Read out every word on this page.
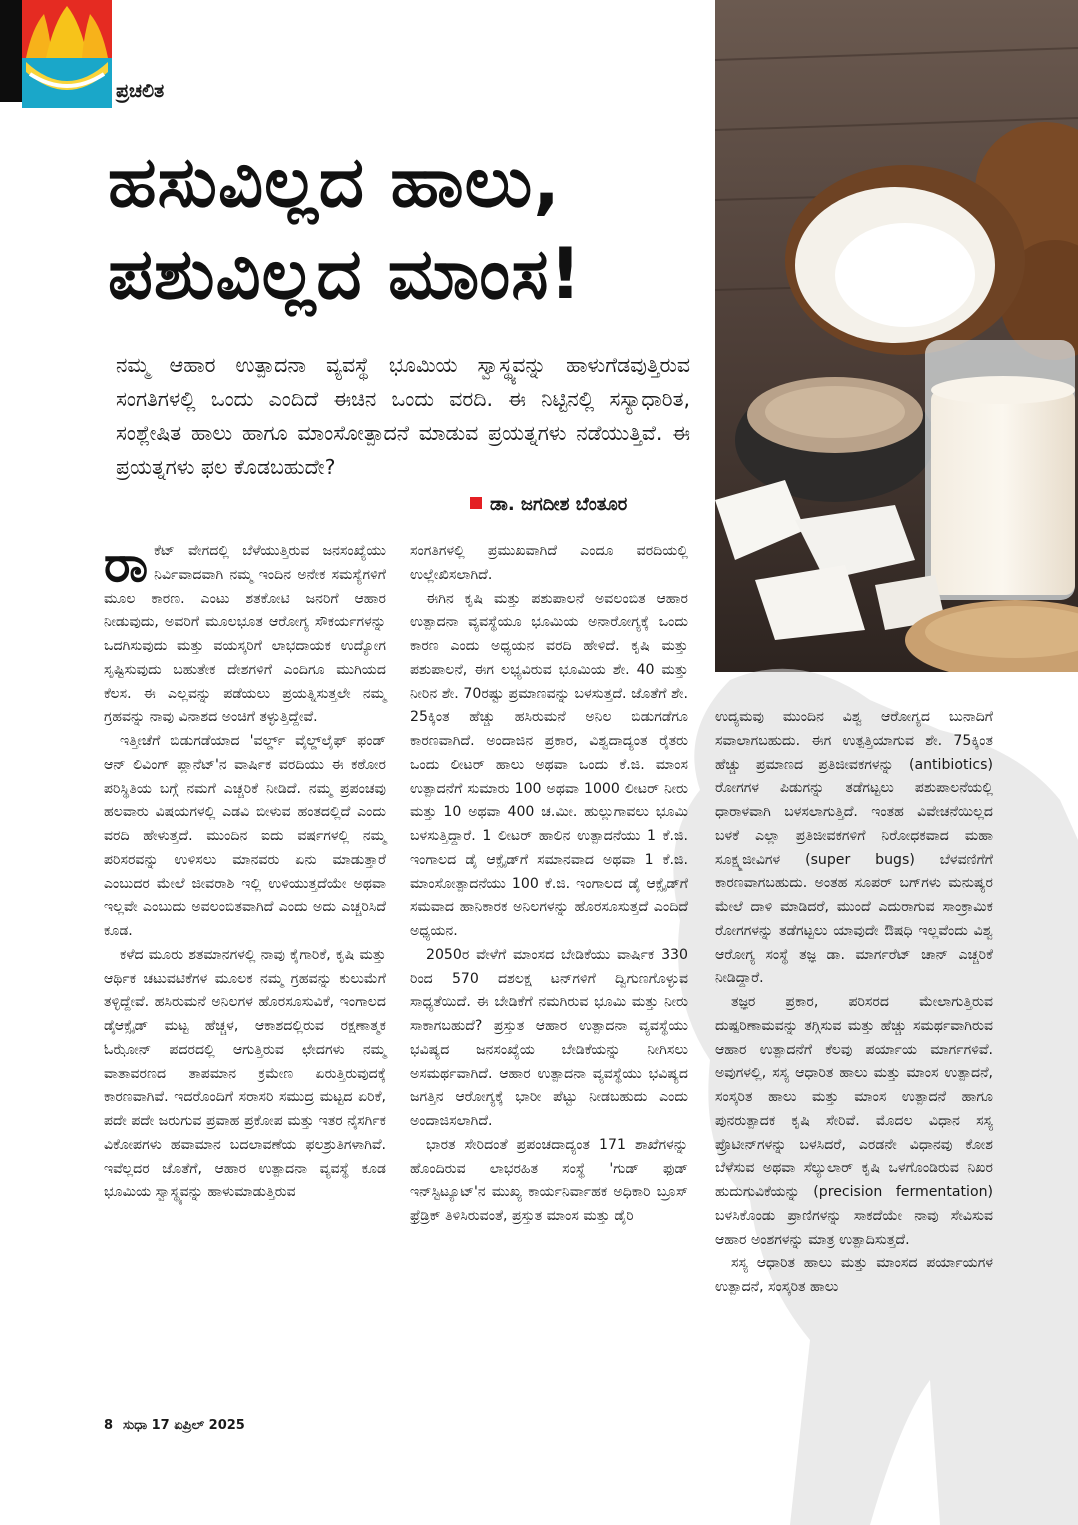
ಪ್ರಚಲಿತ
ಹಸುವಿಲ್ಲದ ಹಾಲು,
ಪಶುವಿಲ್ಲದ ಮಾಂಸ!

ನಮ್ಮ ಆಹಾರ ಉತ್ಪಾದನಾ ವ್ಯವಸ್ಥೆ ಭೂಮಿಯ ಸ್ವಾಸ್ಥ್ಯವನ್ನು ಹಾಳುಗೆಡವುತ್ತಿರುವ ಸಂಗತಿಗಳಲ್ಲಿ ಒಂದು ಎಂದಿದೆ ಈಚಿನ ಒಂದು ವರದಿ. ಈ ನಿಟ್ಟಿನಲ್ಲಿ ಸಸ್ಯಾಧಾರಿತ, ಸಂಶ್ಲೇಷಿತ ಹಾಲು ಹಾಗೂ ಮಾಂಸೋತ್ಪಾದನೆ ಮಾಡುವ ಪ್ರಯತ್ನಗಳು ನಡೆಯುತ್ತಿವೆ. ಈ ಪ್ರಯತ್ನಗಳು ಫಲ ಕೊಡಬಹುದೇ?

ಡಾ. ಜಗದೀಶ ಬೆಂತೂರ
ರಾ ಕೆಟ್ ವೇಗದಲ್ಲಿ ಬೆಳೆಯುತ್ತಿರುವ ಜನಸಂಖ್ಯೆಯು ನಿರ್ವಿವಾದವಾಗಿ ನಮ್ಮ ಇಂದಿನ ಅನೇಕ ಸಮಸ್ಯೆಗಳಿಗೆ ಮೂಲ ಕಾರಣ. ಎಂಟು ಶತಕೋಟಿ ಜನರಿಗೆ ಆಹಾರ ನೀಡುವುದು, ಅವರಿಗೆ ಮೂಲಭೂತ ಆರೋಗ್ಯ ಸೌಕರ್ಯಗಳನ್ನು ಒದಗಿಸುವುದು ಮತ್ತು ವಯಸ್ಕರಿಗೆ ಲಾಭದಾಯಕ ಉದ್ಯೋಗ ಸೃಷ್ಟಿಸುವುದು ಬಹುತೇಕ ದೇಶಗಳಿಗೆ ಎಂದಿಗೂ ಮುಗಿಯದ ಕೆಲಸ. ಈ ಎಲ್ಲವನ್ನು ಪಡೆಯಲು ಪ್ರಯತ್ನಿಸುತ್ತಲೇ ನಮ್ಮ ಗ್ರಹವನ್ನು ನಾವು ವಿನಾಶದ ಅಂಚಿಗೆ ತಳ್ಳುತ್ತಿದ್ದೇವೆ.

ಇತ್ತೀಚೆಗೆ ಬಿಡುಗಡೆಯಾದ 'ವರ್ಲ್ಡ್ ವೈಲ್ಡ್‌ಲೈಫ್ ಫಂಡ್ ಆನ್ ಲಿವಿಂಗ್ ಪ್ಲಾನೆಟ್'ನ ವಾರ್ಷಿಕ ವರದಿಯು ಈ ಕಠೋರ ಪರಿಸ್ಥಿತಿಯ ಬಗ್ಗೆ ನಮಗೆ ಎಚ್ಚರಿಕೆ ನೀಡಿದೆ. ನಮ್ಮ ಪ್ರಪಂಚವು ಹಲವಾರು ವಿಷಯಗಳಲ್ಲಿ ಎಡವಿ ಬೀಳುವ ಹಂತದಲ್ಲಿದೆ ಎಂದು ವರದಿ ಹೇಳುತ್ತದೆ. ಮುಂದಿನ ಐದು ವರ್ಷಗಳಲ್ಲಿ ನಮ್ಮ ಪರಿಸರವನ್ನು ಉಳಿಸಲು ಮಾನವರು ಏನು ಮಾಡುತ್ತಾರೆ ಎಂಬುದರ ಮೇಲೆ ಜೀವರಾಶಿ ಇಲ್ಲಿ ಉಳಿಯುತ್ತದೆಯೇ ಅಥವಾ ಇಲ್ಲವೇ ಎಂಬುದು ಅವಲಂಬಿತವಾಗಿದೆ ಎಂದು ಅದು ಎಚ್ಚರಿಸಿದೆ ಕೂಡ.

ಕಳೆದ ಮೂರು ಶತಮಾನಗಳಲ್ಲಿ ನಾವು ಕೈಗಾರಿಕೆ, ಕೃಷಿ ಮತ್ತು ಆರ್ಥಿಕ ಚಟುವಟಿಕೆಗಳ ಮೂಲಕ ನಮ್ಮ ಗ್ರಹವನ್ನು ಕುಲುಮೆಗೆ ತಳ್ಳಿದ್ದೇವೆ. ಹಸಿರುಮನೆ ಅನಿಲಗಳ ಹೊರಸೂಸುವಿಕೆ, ಇಂಗಾಲದ ಡೈಆಕ್ಸೈಡ್ ಮಟ್ಟ ಹೆಚ್ಚಳ, ಆಕಾಶದಲ್ಲಿರುವ ರಕ್ಷಣಾತ್ಮಕ ಓಝೋನ್ ಪದರದಲ್ಲಿ ಆಗುತ್ತಿರುವ ಛೇದಗಳು ನಮ್ಮ ವಾತಾವರಣದ ತಾಪಮಾನ ಕ್ರಮೇಣ ಏರುತ್ತಿರುವುದಕ್ಕೆ ಕಾರಣವಾಗಿವೆ. ಇದರೊಂದಿಗೆ ಸರಾಸರಿ ಸಮುದ್ರ ಮಟ್ಟದ ಏರಿಕೆ, ಪದೇ ಪದೇ ಜರುಗುವ ಪ್ರವಾಹ ಪ್ರಕೋಪ ಮತ್ತು ಇತರ ನೈಸರ್ಗಿಕ ವಿಕೋಪಗಳು ಹವಾಮಾನ ಬದಲಾವಣೆಯ ಫಲಶ್ರುತಿಗಳಾಗಿವೆ. ಇವೆಲ್ಲದರ ಜೊತೆಗೆ, ಆಹಾರ ಉತ್ಪಾದನಾ ವ್ಯವಸ್ಥೆ ಕೂಡ ಭೂಮಿಯ ಸ್ವಾಸ್ಥ್ಯವನ್ನು ಹಾಳುಮಾಡುತ್ತಿರುವ

ಸಂಗತಿಗಳಲ್ಲಿ ಪ್ರಮುಖವಾಗಿದೆ ಎಂದೂ ವರದಿಯಲ್ಲಿ ಉಲ್ಲೇಖಿಸಲಾಗಿದೆ.

ಈಗಿನ ಕೃಷಿ ಮತ್ತು ಪಶುಪಾಲನೆ ಅವಲಂಬಿತ ಆಹಾರ ಉತ್ಪಾದನಾ ವ್ಯವಸ್ಥೆಯೂ ಭೂಮಿಯ ಅನಾರೋಗ್ಯಕ್ಕೆ ಒಂದು ಕಾರಣ ಎಂದು ಅಧ್ಯಯನ ವರದಿ ಹೇಳಿದೆ. ಕೃಷಿ ಮತ್ತು ಪಶುಪಾಲನೆ, ಈಗ ಲಭ್ಯವಿರುವ ಭೂಮಿಯ ಶೇ. 40 ಮತ್ತು ನೀರಿನ ಶೇ. 70ರಷ್ಟು ಪ್ರಮಾಣವನ್ನು ಬಳಸುತ್ತದೆ. ಜೊತೆಗೆ ಶೇ. 25ಕ್ಕಿಂತ ಹೆಚ್ಚು ಹಸಿರುಮನೆ ಅನಿಲ ಬಿಡುಗಡೆಗೂ ಕಾರಣವಾಗಿದೆ. ಅಂದಾಜಿನ ಪ್ರಕಾರ, ವಿಶ್ವದಾದ್ಯಂತ ರೈತರು ಒಂದು ಲೀಟರ್ ಹಾಲು ಅಥವಾ ಒಂದು ಕೆ.ಜಿ. ಮಾಂಸ ಉತ್ಪಾದನೆಗೆ ಸುಮಾರು 100 ಅಥವಾ 1000 ಲೀಟರ್ ನೀರು ಮತ್ತು 10 ಅಥವಾ 400 ಚ.ಮೀ. ಹುಲ್ಲುಗಾವಲು ಭೂಮಿ ಬಳಸುತ್ತಿದ್ದಾರೆ. 1 ಲೀಟರ್ ಹಾಲಿನ ಉತ್ಪಾದನೆಯು 1 ಕೆ.ಜಿ. ಇಂಗಾಲದ ಡೈ ಆಕ್ಸೈಡ್‌ಗೆ ಸಮಾನವಾದ ಅಥವಾ 1 ಕೆ.ಜಿ. ಮಾಂಸೋತ್ಪಾದನೆಯು 100 ಕೆ.ಜಿ. ಇಂಗಾಲದ ಡೈ ಆಕ್ಸೈಡ್‌ಗೆ ಸಮವಾದ ಹಾನಿಕಾರಕ ಅನಿಲಗಳನ್ನು ಹೊರಸೂಸುತ್ತದೆ ಎಂದಿದೆ ಅಧ್ಯಯನ.

2050ರ ವೇಳೆಗೆ ಮಾಂಸದ ಬೇಡಿಕೆಯು ವಾರ್ಷಿಕ 330 ರಿಂದ 570 ದಶಲಕ್ಷ ಟನ್‌ಗಳಿಗೆ ದ್ವಿಗುಣಗೊಳ್ಳುವ ಸಾಧ್ಯತೆಯಿದೆ. ಈ ಬೇಡಿಕೆಗೆ ನಮಗಿರುವ ಭೂಮಿ ಮತ್ತು ನೀರು ಸಾಕಾಗಬಹುದೆ? ಪ್ರಸ್ತುತ ಆಹಾರ ಉತ್ಪಾದನಾ ವ್ಯವಸ್ಥೆಯು ಭವಿಷ್ಯದ ಜನಸಂಖ್ಯೆಯ ಬೇಡಿಕೆಯನ್ನು ನೀಗಿಸಲು ಅಸಮರ್ಥವಾಗಿದೆ. ಆಹಾರ ಉತ್ಪಾದನಾ ವ್ಯವಸ್ಥೆಯು ಭವಿಷ್ಯದ ಜಗತ್ತಿನ ಆರೋಗ್ಯಕ್ಕೆ ಭಾರೀ ಪೆಟ್ಟು ನೀಡಬಹುದು ಎಂದು ಅಂದಾಜಿಸಲಾಗಿದೆ.

ಭಾರತ ಸೇರಿದಂತೆ ಪ್ರಪಂಚದಾದ್ಯಂತ 171 ಶಾಖೆಗಳನ್ನು ಹೊಂದಿರುವ ಲಾಭರಹಿತ ಸಂಸ್ಥೆ 'ಗುಡ್ ಫುಡ್ ಇನ್‌ಸ್ಟಿಟ್ಯೂಟ್'ನ ಮುಖ್ಯ ಕಾರ್ಯನಿರ್ವಾಹಕ ಅಧಿಕಾರಿ ಬ್ರೂಸ್ ಫ್ರೆಡ್ರಿಕ್ ತಿಳಿಸಿರುವಂತೆ, ಪ್ರಸ್ತುತ ಮಾಂಸ ಮತ್ತು ಡೈರಿ

ಉದ್ಯಮವು ಮುಂದಿನ ವಿಶ್ವ ಆರೋಗ್ಯದ ಬುನಾದಿಗೆ ಸವಾಲಾಗಬಹುದು. ಈಗ ಉತ್ಪತ್ತಿಯಾಗುವ ಶೇ. 75ಕ್ಕಿಂತ ಹೆಚ್ಚು ಪ್ರಮಾಣದ ಪ್ರತಿಜೀವಕಗಳನ್ನು (antibiotics) ರೋಗಗಳ ಪಿಡುಗನ್ನು ತಡೆಗಟ್ಟಲು ಪಶುಪಾಲನೆಯಲ್ಲಿ ಧಾರಾಳವಾಗಿ ಬಳಸಲಾಗುತ್ತಿದೆ. ಇಂತಹ ವಿವೇಚನೆಯಿಲ್ಲದ ಬಳಕೆ ಎಲ್ಲಾ ಪ್ರತಿಜೀವಕಗಳಿಗೆ ನಿರೋಧಕವಾದ ಮಹಾ ಸೂಕ್ಷ್ಮಜೀವಿಗಳ (super bugs) ಬೆಳವಣಿಗೆಗೆ ಕಾರಣವಾಗಬಹುದು. ಅಂತಹ ಸೂಪರ್ ಬಗ್‌ಗಳು ಮನುಷ್ಯರ ಮೇಲೆ ದಾಳಿ ಮಾಡಿದರೆ, ಮುಂದೆ ಎದುರಾಗುವ ಸಾಂಕ್ರಾಮಿಕ ರೋಗಗಳನ್ನು ತಡೆಗಟ್ಟಲು ಯಾವುದೇ ಔಷಧಿ ಇಲ್ಲವೆಂದು ವಿಶ್ವ ಆರೋಗ್ಯ ಸಂಸ್ಥೆ ತಜ್ಞ ಡಾ. ಮಾರ್ಗರೆಟ್ ಚಾನ್ ಎಚ್ಚರಿಕೆ ನೀಡಿದ್ದಾರೆ.

ತಜ್ಞರ ಪ್ರಕಾರ, ಪರಿಸರದ ಮೇಲಾಗುತ್ತಿರುವ ದುಷ್ಪರಿಣಾಮವನ್ನು ತಗ್ಗಿಸುವ ಮತ್ತು ಹೆಚ್ಚು ಸಮರ್ಥವಾಗಿರುವ ಆಹಾರ ಉತ್ಪಾದನೆಗೆ ಕೆಲವು ಪರ್ಯಾಯ ಮಾರ್ಗಗಳಿವೆ. ಅವುಗಳಲ್ಲಿ, ಸಸ್ಯ ಆಧಾರಿತ ಹಾಲು ಮತ್ತು ಮಾಂಸ ಉತ್ಪಾದನೆ, ಸಂಸ್ಕರಿತ ಹಾಲು ಮತ್ತು ಮಾಂಸ ಉತ್ಪಾದನೆ ಹಾಗೂ ಪುನರುತ್ಪಾದಕ ಕೃಷಿ ಸೇರಿವೆ. ಮೊದಲ ವಿಧಾನ ಸಸ್ಯ ಪ್ರೊಟೀನ್‌ಗಳನ್ನು ಬಳಸಿದರೆ, ಎರಡನೇ ವಿಧಾನವು ಕೋಶ ಬೆಳೆಸುವ ಅಥವಾ ಸೆಲ್ಯುಲಾರ್ ಕೃಷಿ ಒಳಗೊಂಡಿರುವ ನಿಖರ ಹುದುಗುವಿಕೆಯನ್ನು (precision fermentation) ಬಳಸಿಕೊಂಡು ಪ್ರಾಣಿಗಳನ್ನು ಸಾಕದೆಯೇ ನಾವು ಸೇವಿಸುವ ಆಹಾರ ಅಂಶಗಳನ್ನು ಮಾತ್ರ ಉತ್ಪಾದಿಸುತ್ತದೆ.

ಸಸ್ಯ ಆಧಾರಿತ ಹಾಲು ಮತ್ತು ಮಾಂಸದ ಪರ್ಯಾಯಗಳ ಉತ್ಪಾದನೆ, ಸಂಸ್ಕರಿತ ಹಾಲು

8 ಸುಧಾ 17 ಏಪ್ರಿಲ್ 2025
